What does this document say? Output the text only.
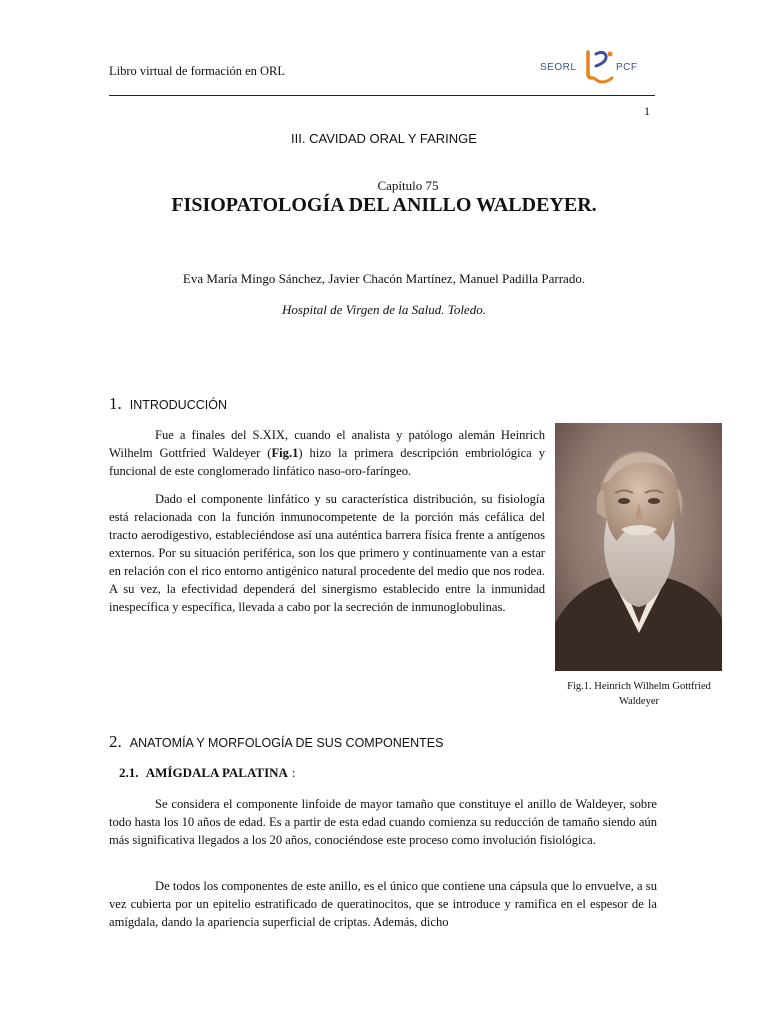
Libro virtual de formación en ORL	SEORL	PCF
1
III. CAVIDAD ORAL Y FARINGE
Capítulo 75
FISIOPATOLOGÍA DEL ANILLO WALDEYER.
Eva María Mingo Sánchez, Javier Chacón Martínez, Manuel Padilla Parrado.
Hospital de Virgen de la Salud. Toledo.
1. INTRODUCCIÓN
Fue a finales del S.XIX, cuando el analista y patólogo alemán Heinrich Wilhelm Gottfried Waldeyer (Fig.1) hizo la primera descripción embriológica y funcional de este conglomerado linfático naso-oro-faríngeo.
Dado el componente linfático y su característica distribución, su fisiología está relacionada con la función inmunocompetente de la porción más cefálica del tracto aerodigestivo, estableciéndose así una auténtica barrera física frente a antígenos externos. Por su situación periférica, son los que primero y continuamente van a estar en relación con el rico entorno antigénico natural procedente del medio que nos rodea. A su vez, la efectividad dependerá del sinergismo establecido entre la inmunidad inespecífica y específica, llevada a cabo por la secreción de inmunoglobulinas.
Fig.1. Heinrich Wilhelm Gottfried Waldeyer
2. ANATOMÍA Y MORFOLOGÍA DE SUS COMPONENTES
2.1. AMÍGDALA PALATINA :
Se considera el componente linfoide de mayor tamaño que constituye el anillo de Waldeyer, sobre todo hasta los 10 años de edad. Es a partir de esta edad cuando comienza su reducción de tamaño siendo aún más significativa llegados a los 20 años, conociéndose este proceso como involución fisiológica.
De todos los componentes de este anillo, es el único que contiene una cápsula que lo envuelve, a su vez cubierta por un epitelio estratificado de queratinocitos, que se introduce y ramifica en el espesor de la amígdala, dando la apariencia superficial de criptas. Además, dicho
